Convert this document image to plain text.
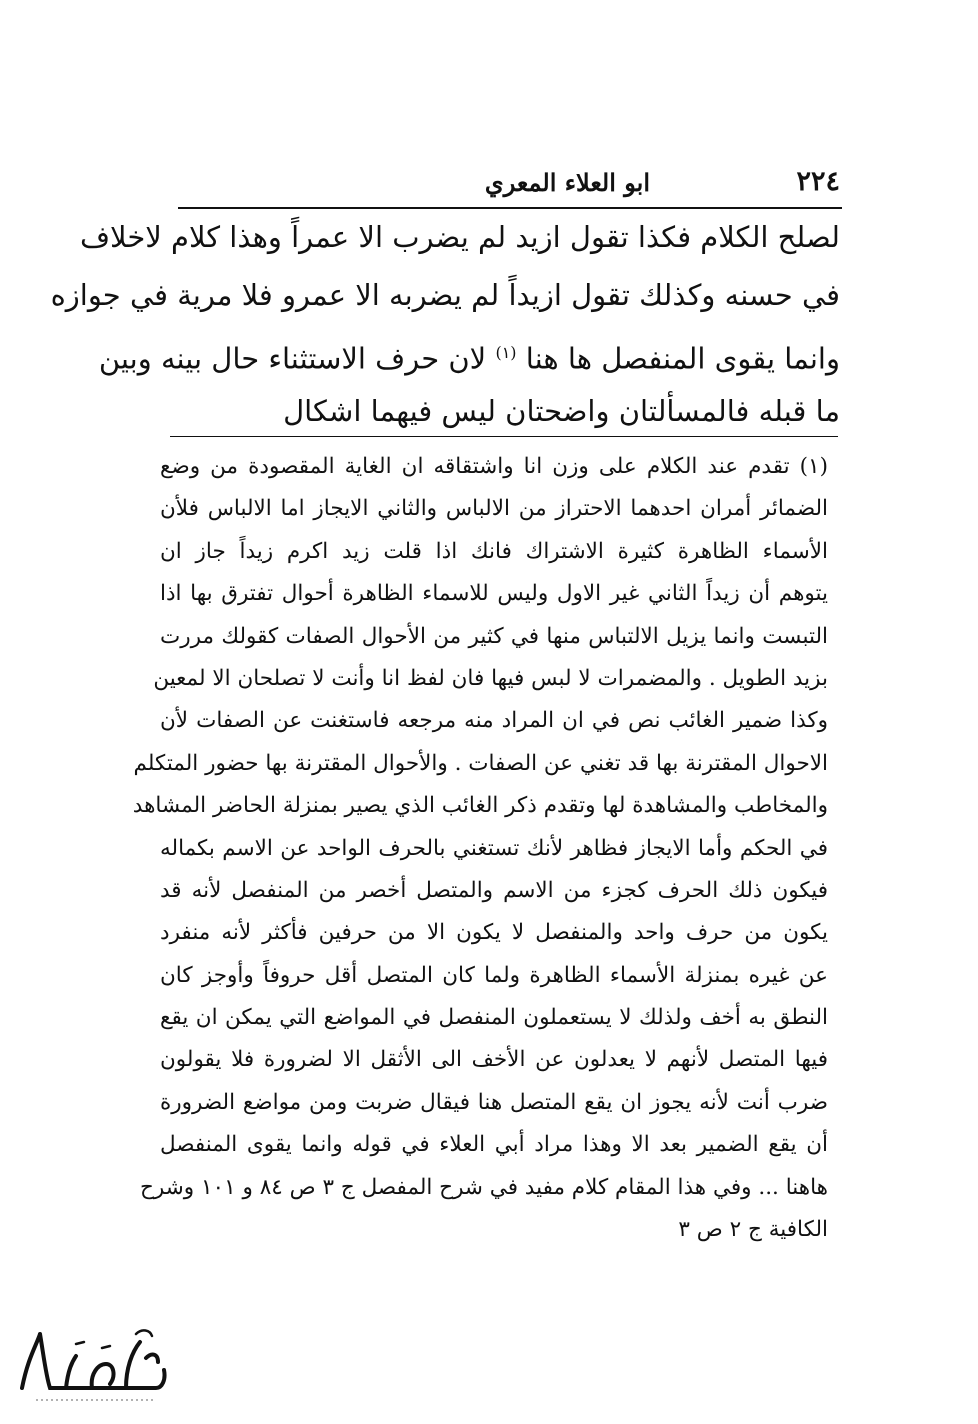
٢٢٤
ابو العلاء المعري
لصلح الكلام فكذا تقول ازيد لم يضرب الا عمراً وهذا كلام لاخلاف
في حسنه وكذلك تقول ازيداً لم يضربه الا عمرو فلا مرية في جوازه
وانما يقوى المنفصل ها هنا $^{(١)}$ لان حرف الاستثناء حال بينه وبين
ما قبله فالمسألتان واضحتان ليس فيهما اشكال
(١) تقدم عند الكلام على وزن انا واشتقاقه ان الغاية المقصودة من وضع
الضمائر أمران احدهما الاحتراز من الالباس والثاني الايجاز اما الالباس فلأن
الأسماء الظاهرة كثيرة الاشتراك فانك اذا قلت زيد اكرم زيداً جاز ان
يتوهم أن زيداً الثاني غير الاول وليس للاسماء الظاهرة أحوال تفترق بها اذا
التبست وانما يزيل الالتباس منها في كثير من الأحوال الصفات كقولك مررت
بزيد الطويل . والمضمرات لا لبس فيها فان لفظ انا وأنت لا تصلحان الا لمعين
وكذا ضمير الغائب نص في ان المراد منه مرجعه فاستغنت عن الصفات لأن
الاحوال المقترنة بها قد تغني عن الصفات . والأحوال المقترنة بها حضور المتكلم
والمخاطب والمشاهدة لها وتقدم ذكر الغائب الذي يصير بمنزلة الحاضر المشاهد
في الحكم وأما الايجاز فظاهر لأنك تستغني بالحرف الواحد عن الاسم بكماله
فيكون ذلك الحرف كجزء من الاسم والمتصل أخصر من المنفصل لأنه قد
يكون من حرف واحد والمنفصل لا يكون الا من حرفين فأكثر لأنه منفرد
عن غيره بمنزلة الأسماء الظاهرة ولما كان المتصل أقل حروفاً وأوجز كان
النطق به أخف ولذلك لا يستعملون المنفصل في المواضع التي يمكن ان يقع
فيها المتصل لأنهم لا يعدلون عن الأخف الى الأثقل الا لضرورة فلا يقولون
ضرب أنت لأنه يجوز ان يقع المتصل هنا فيقال ضربت ومن مواضع الضرورة
أن يقع الضمير بعد الا وهذا مراد أبي العلاء في قوله وانما يقوى المنفصل
هاهنا ... وفي هذا المقام كلام مفيد في شرح المفصل ج ٣ ص ٨٤ و ١٠١ وشرح
الكافية ج ٢ ص ٣
